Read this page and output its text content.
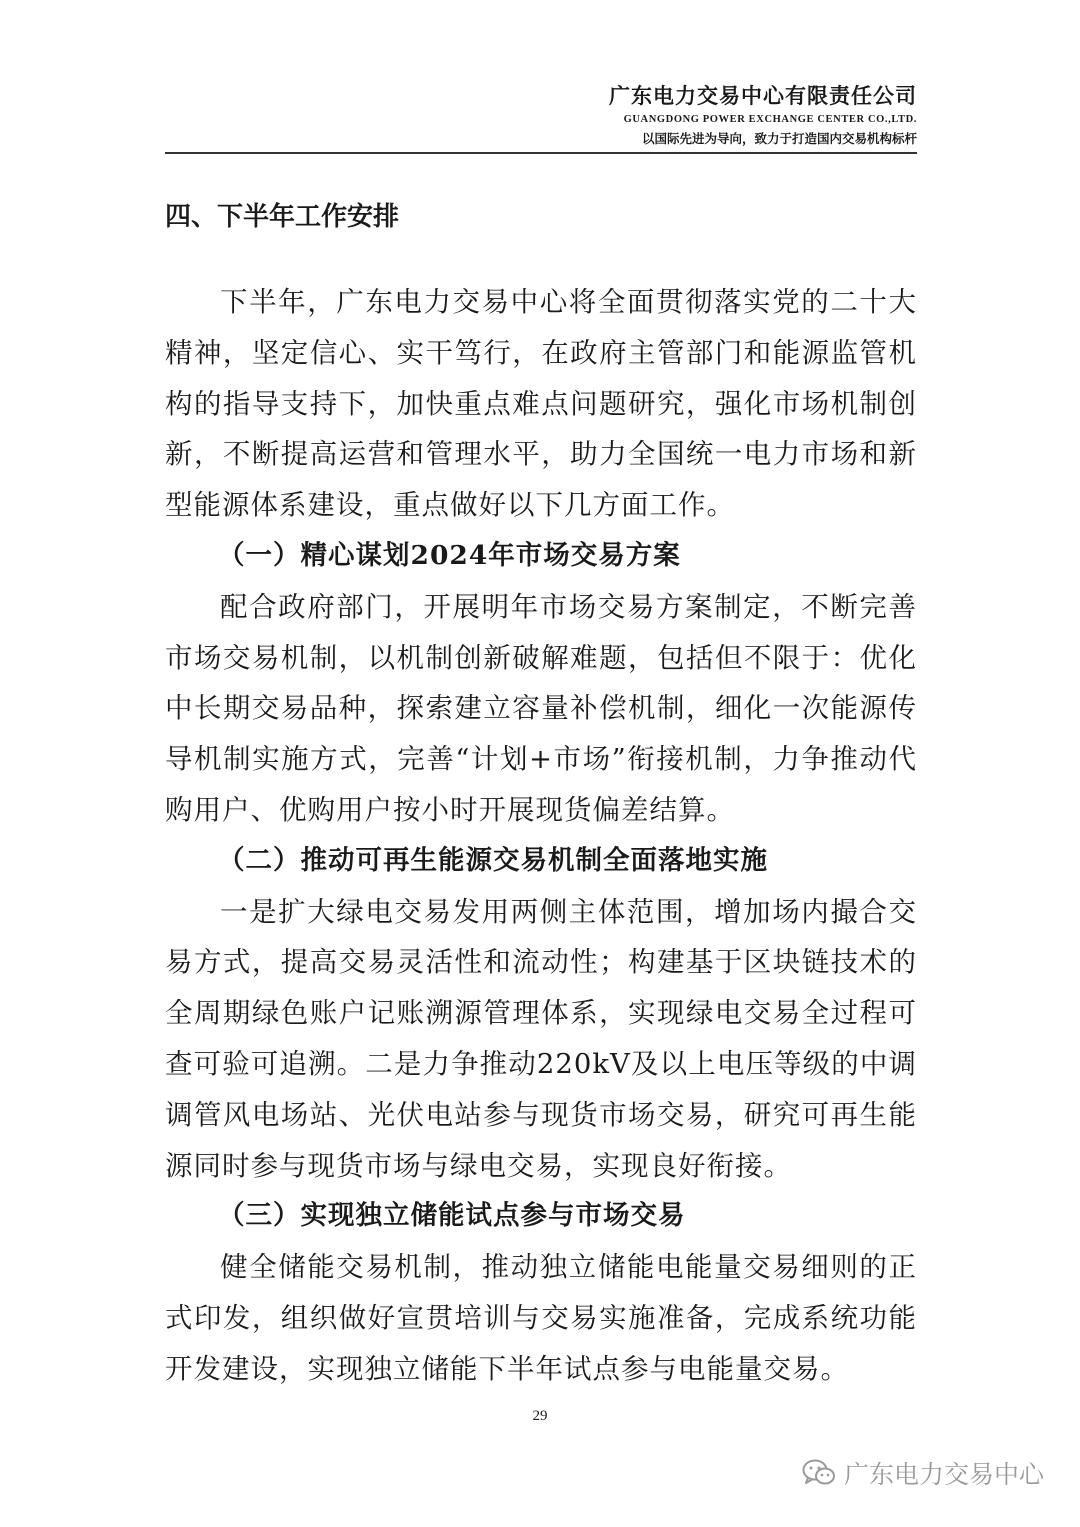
广东电力交易中心有限责任公司
GUANGDONG POWER EXCHANGE CENTER CO.,LTD.
以国际先进为导向，致力于打造国内交易机构标杆
四、下半年工作安排

下半年，广东电力交易中心将全面贯彻落实党的二十大精神，坚定信心、实干笃行，在政府主管部门和能源监管机构的指导支持下，加快重点难点问题研究，强化市场机制创新，不断提高运营和管理水平，助力全国统一电力市场和新型能源体系建设，重点做好以下几方面工作。

（一）精心谋划2024年市场交易方案

配合政府部门，开展明年市场交易方案制定，不断完善市场交易机制，以机制创新破解难题，包括但不限于：优化中长期交易品种，探索建立容量补偿机制，细化一次能源传导机制实施方式，完善“计划+市场”衔接机制，力争推动代购用户、优购用户按小时开展现货偏差结算。

（二）推动可再生能源交易机制全面落地实施

一是扩大绿电交易发用两侧主体范围，增加场内撮合交易方式，提高交易灵活性和流动性；构建基于区块链技术的全周期绿色账户记账溯源管理体系，实现绿电交易全过程可查可验可追溯。二是力争推动220kV及以上电压等级的中调调管风电场站、光伏电站参与现货市场交易，研究可再生能源同时参与现货市场与绿电交易，实现良好衔接。

（三）实现独立储能试点参与市场交易

健全储能交易机制，推动独立储能电能量交易细则的正式印发，组织做好宣贯培训与交易实施准备，完成系统功能开发建设，实现独立储能下半年试点参与电能量交易。

29
广东电力交易中心
